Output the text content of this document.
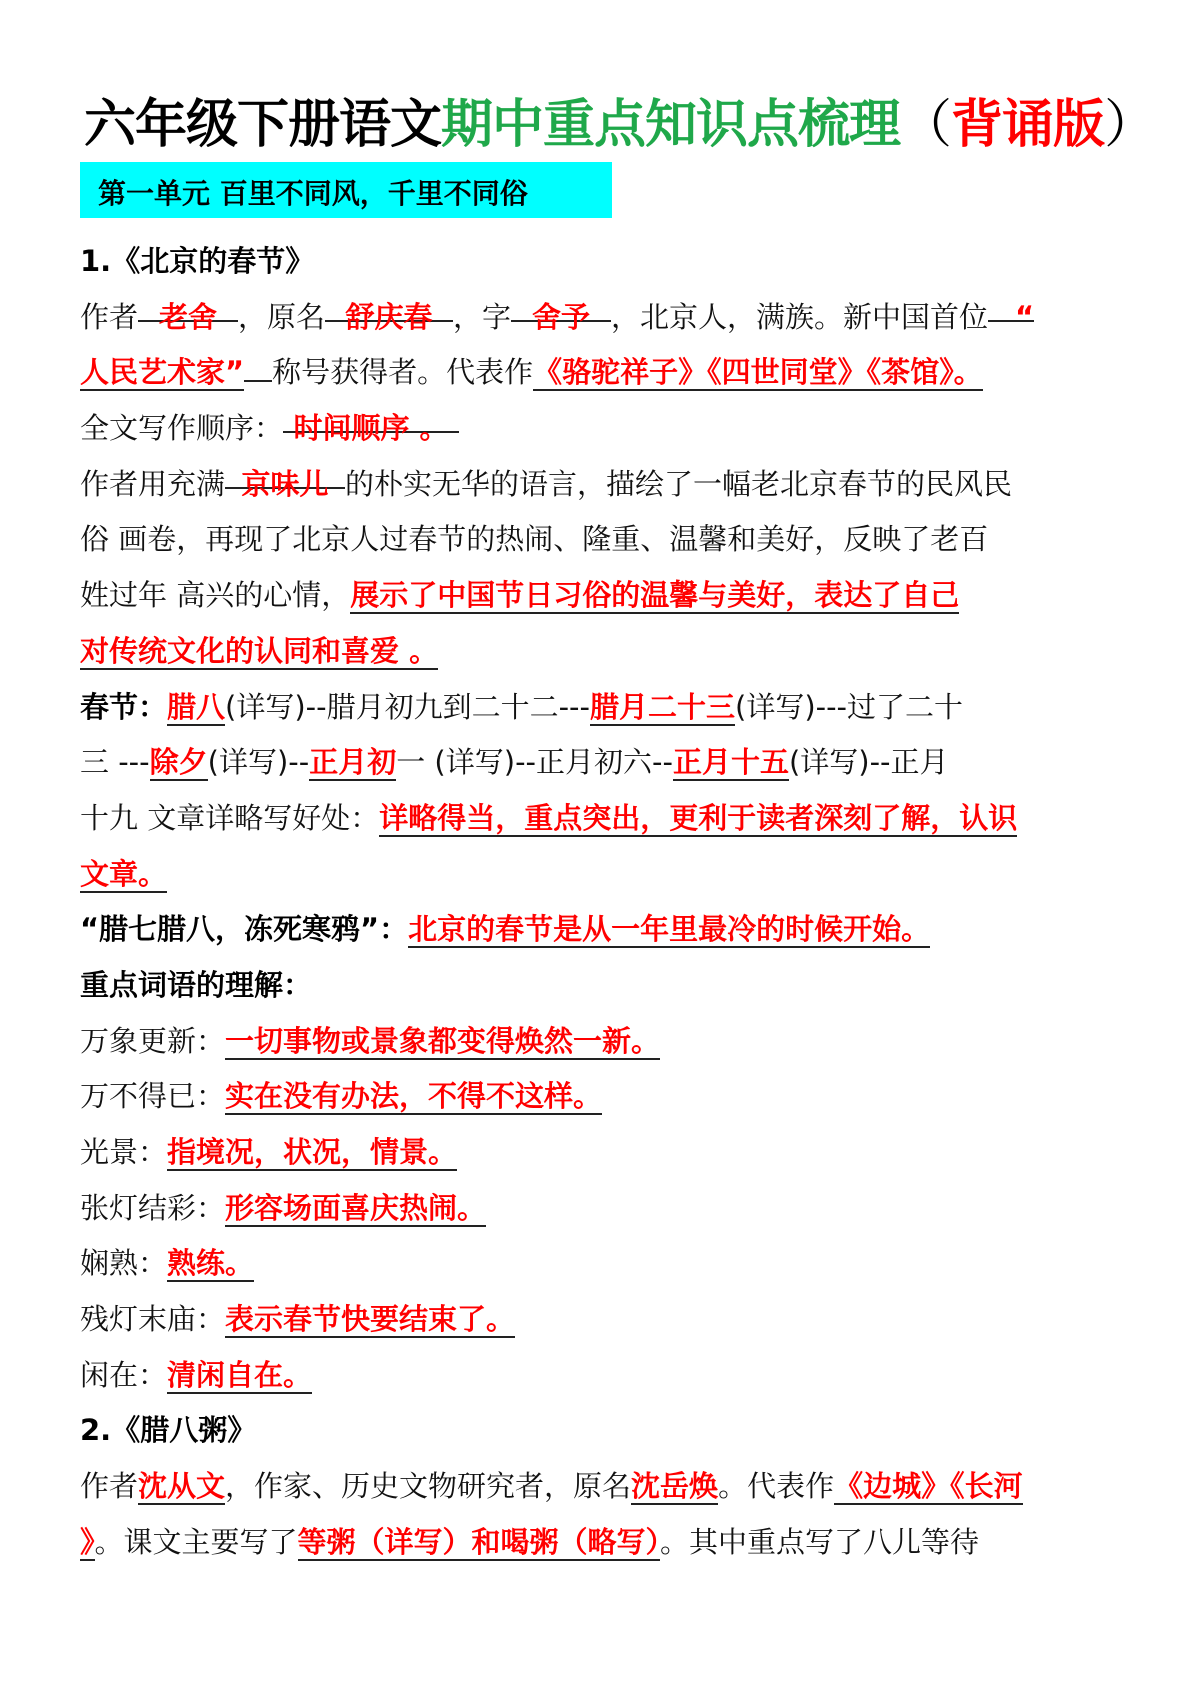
六年级下册语文期中重点知识点梳理（背诵版）
第一单元 百里不同风，千里不同俗
1.《北京的春节》
作者 老舍 ，原名 舒庆春 ，字 舍予 ，北京人，满族。新中国首位 “
人民艺术家” 称号获得者。代表作《骆驼祥子》《四世同堂》《茶馆》。
全文写作顺序： 时间顺序 。
作者用充满 京味儿 的朴实无华的语言，描绘了一幅老北京春节的民风民
俗 画卷，再现了北京人过春节的热闹、隆重、温馨和美好，反映了老百
姓过年 高兴的心情，展示了中国节日习俗的温馨与美好，表达了自己
对传统文化的认同和喜爱 。
春节：腊八(详写)--腊月初九到二十二---腊月二十三(详写)---过了二十
三 ---除夕(详写)--正月初一 (详写)--正月初六--正月十五(详写)--正月
十九 文章详略写好处：详略得当，重点突出，更利于读者深刻了解，认识
文章。
“腊七腊八，冻死寒鸦”：北京的春节是从一年里最冷的时候开始。
重点词语的理解：
万象更新：一切事物或景象都变得焕然一新。
万不得已：实在没有办法，不得不这样。
光景：指境况，状况，情景。
张灯结彩：形容场面喜庆热闹。
娴熟：熟练。
残灯末庙：表示春节快要结束了。
闲在：清闲自在。
2.《腊八粥》
作者沈从文，作家、历史文物研究者，原名沈岳焕。代表作《边城》《长河
》。课文主要写了等粥（详写）和喝粥（略写）。其中重点写了八儿等待
